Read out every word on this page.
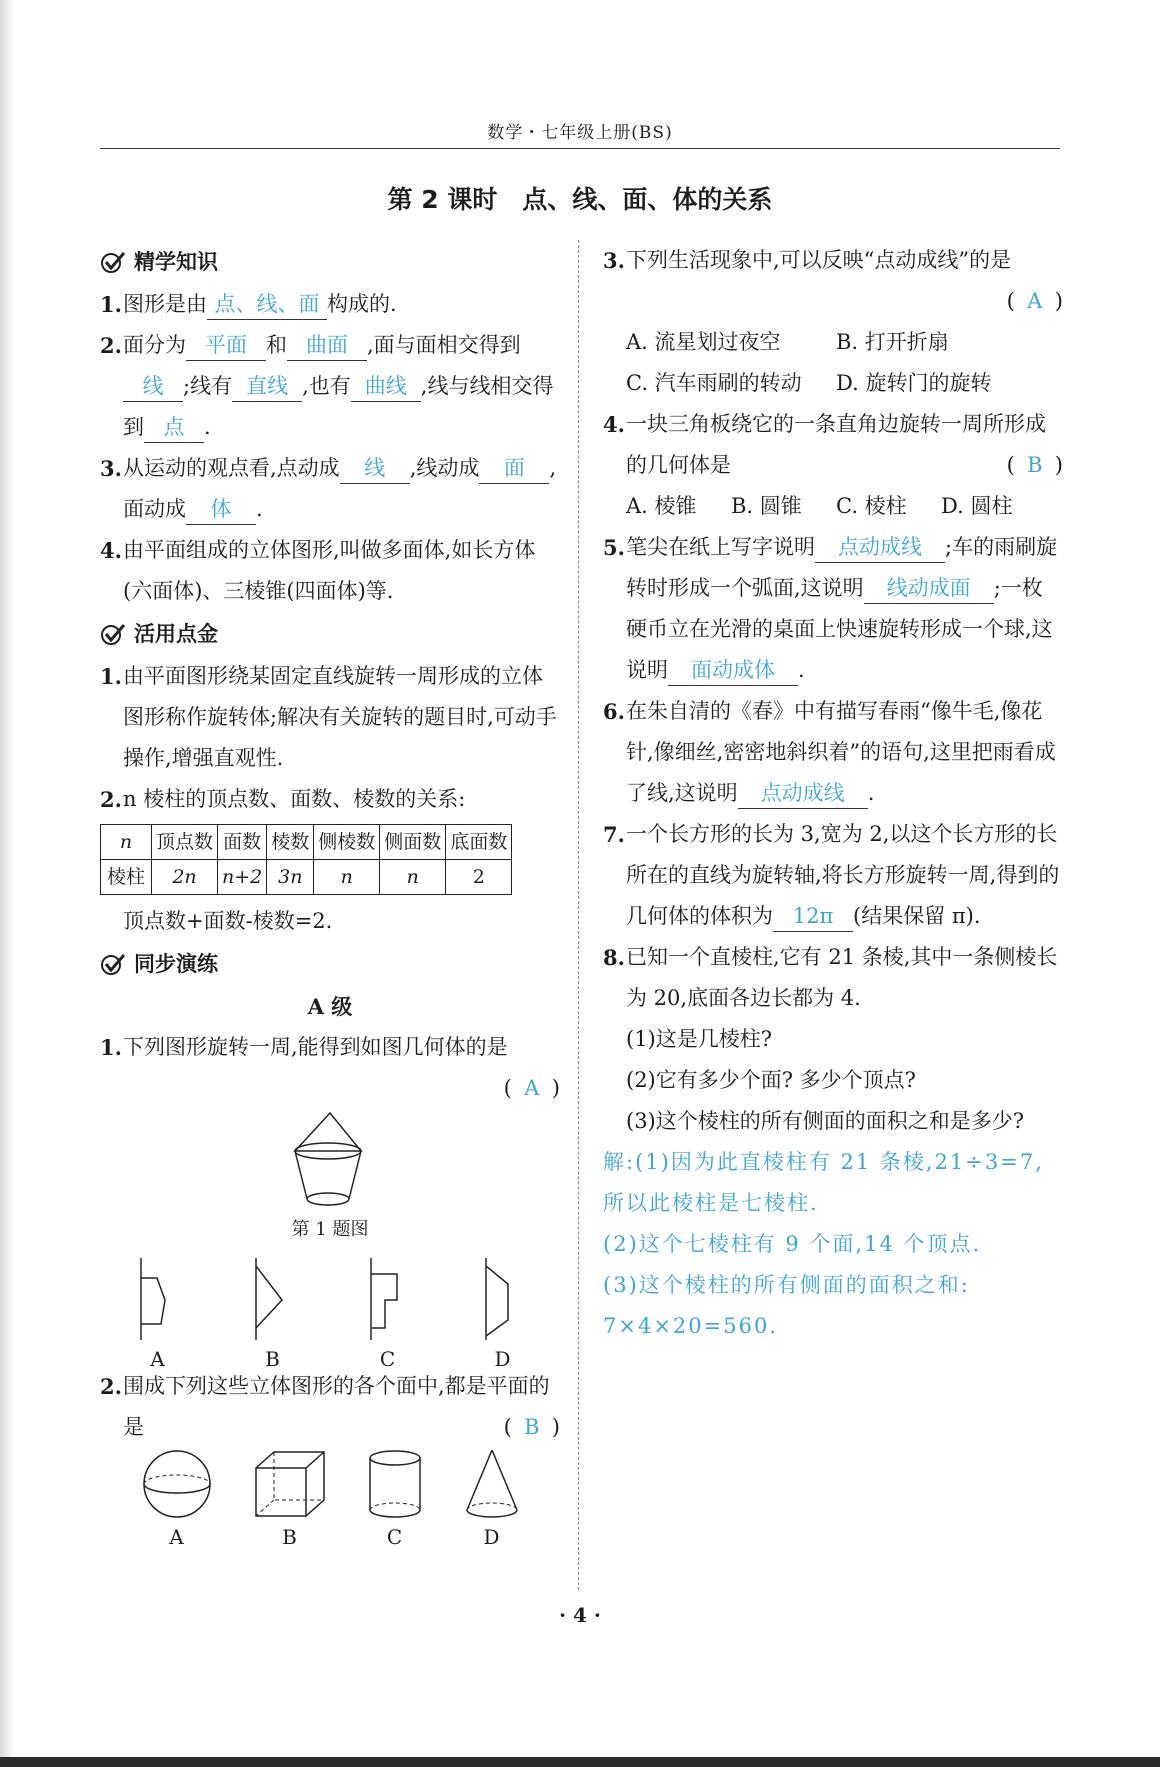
数学・七年级上册(BS)
第 2 课时　点、线、面、体的关系
精学知识
1. 图形是由 点、线、面 构成的.
2. 面分为 平面 和 曲面 ,面与面相交得到线 ;线有 直线 ,也有 曲线 ,线与线相交得到 点 .
3. 从运动的观点看,点动成 线 ,线动成 面 ,面动成 体 .
4. 由平面组成的立体图形,叫做多面体,如长方体(六面体)、三棱锥(四面体)等.
活用点金
1. 由平面图形绕某固定直线旋转一周形成的立体图形称作旋转体;解决有关旋转的题目时,可动手操作,增强直观性.
2. n 棱柱的顶点数、面数、棱数的关系:
n	顶点数	面数	棱数	侧棱数	侧面数	底面数
棱柱	2n	n+2	3n	n	n	2
顶点数+面数-棱数=2.
同步演练
A 级
1. 下列图形旋转一周,能得到如图几何体的是
( A )
第 1 题图
A	B	C	D
2. 围成下列这些立体图形的各个面中,都是平面的是	( B )
A	B	C	D
3. 下列生活现象中,可以反映“点动成线”的是
( A )
A. 流星划过夜空	B. 打开折扇
C. 汽车雨刷的转动 D. 旋转门的旋转
4. 一块三角板绕它的一条直角边旋转一周所形成的几何体是	( B )
A. 棱锥 B. 圆锥 C. 棱柱 D. 圆柱
5. 笔尖在纸上写字说明 点动成线 ;车的雨刷旋转时形成一个弧面,这说明 线动成面 ;一枚硬币立在光滑的桌面上快速旋转形成一个球,这说明 面动成体 .
6. 在朱自清的《春》中有描写春雨“像牛毛,像花针,像细丝,密密地斜织着”的语句,这里把雨看成了线,这说明 点动成线 .
7. 一个长方形的长为 3,宽为 2,以这个长方形的长所在的直线为旋转轴,将长方形旋转一周,得到的几何体的体积为 12π (结果保留 π).
8. 已知一个直棱柱,它有 21 条棱,其中一条侧棱长为 20,底面各边长都为 4.
(1)这是几棱柱?
(2)它有多少个面? 多少个顶点?
(3)这个棱柱的所有侧面的面积之和是多少?
解:(1)因为此直棱柱有 21 条棱,21÷3=7,
所以此棱柱是七棱柱.
(2)这个七棱柱有 9 个面,14 个顶点.
(3)这个棱柱的所有侧面的面积之和:
7×4×20=560.
· 4 ·
